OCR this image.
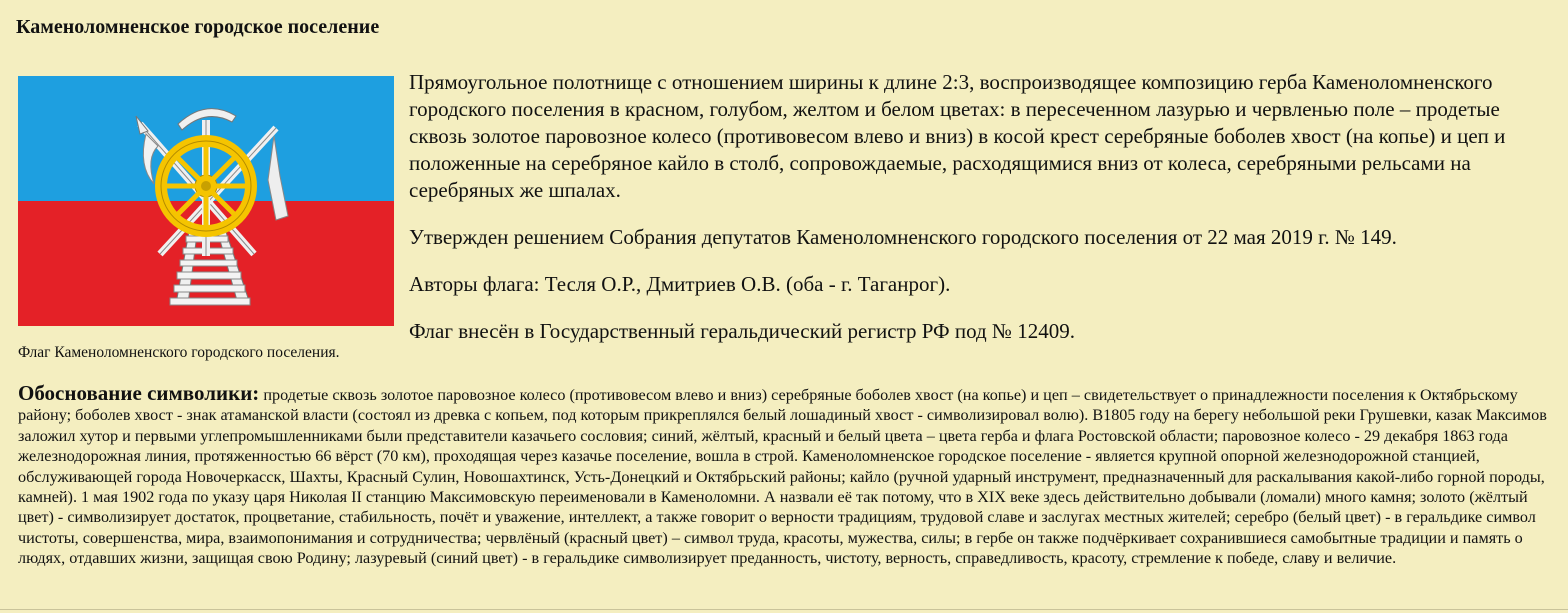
Каменоломненское городское поселение
Флаг Каменоломненского городского поселения.

Прямоугольное полотнище с отношением ширины к длине 2:3, воспроизводящее композицию герба Каменоломненского городского поселения в красном, голубом, желтом и белом цветах: в пересеченном лазурью и червленью поле – продетые сквозь золотое паровозное колесо (противовесом влево и вниз) в косой крест серебряные боболев хвост (на копье) и цеп и положенные на серебряное кайло в столб, сопровождаемые, расходящимися вниз от колеса, серебряными рельсами на серебряных же шпалах.

Утвержден решением Собрания депутатов Каменоломненского городского поселения от 22 мая 2019 г. № 149.

Авторы флага: Тесля О.Р., Дмитриев О.В. (оба - г. Таганрог).

Флаг внесён в Государственный геральдический регистр РФ под № 12409.

Обоснование символики: продетые сквозь золотое паровозное колесо (противовесом влево и вниз) серебряные боболев хвост (на копье) и цеп – свидетельствует о принадлежности поселения к Октябрьскому району; боболев хвост - знак атаманской власти (состоял из древка с копьем, под которым прикреплялся белый лошадиный хвост - символизировал волю). В1805 году на берегу небольшой реки Грушевки, казак Максимов заложил хутор и первыми углепромышленниками были представители казачьего сословия; синий, жёлтый, красный и белый цвета – цвета герба и флага Ростовской области; паровозное колесо - 29 декабря 1863 года железнодорожная линия, протяженностью 66 вёрст (70 км), проходящая через казачье поселение, вошла в строй. Каменоломненское городское поселение - является крупной опорной железнодорожной станцией, обслуживающей города Новочеркасск, Шахты, Красный Сулин, Новошахтинск, Усть-Донецкий и Октябрьский районы; кайло (ручной ударный инструмент, предназначенный для раскалывания какой-либо горной породы, камней). 1 мая 1902 года по указу царя Николая II станцию Максимовскую переименовали в Каменоломни. А назвали её так потому, что в XIX веке здесь действительно добывали (ломали) много камня; золото (жёлтый цвет) - символизирует достаток, процветание, стабильность, почёт и уважение, интеллект, а также говорит о верности традициям, трудовой славе и заслугах местных жителей; серебро (белый цвет) - в геральдике символ чистоты, совершенства, мира, взаимопонимания и сотрудничества; червлёный (красный цвет) – символ труда, красоты, мужества, силы; в гербе он также подчёркивает сохранившиеся самобытные традиции и память о людях, отдавших жизни, защищая свою Родину; лазуревый (синий цвет) - в геральдике символизирует преданность, чистоту, верность, справедливость, красоту, стремление к победе, славу и величие.
